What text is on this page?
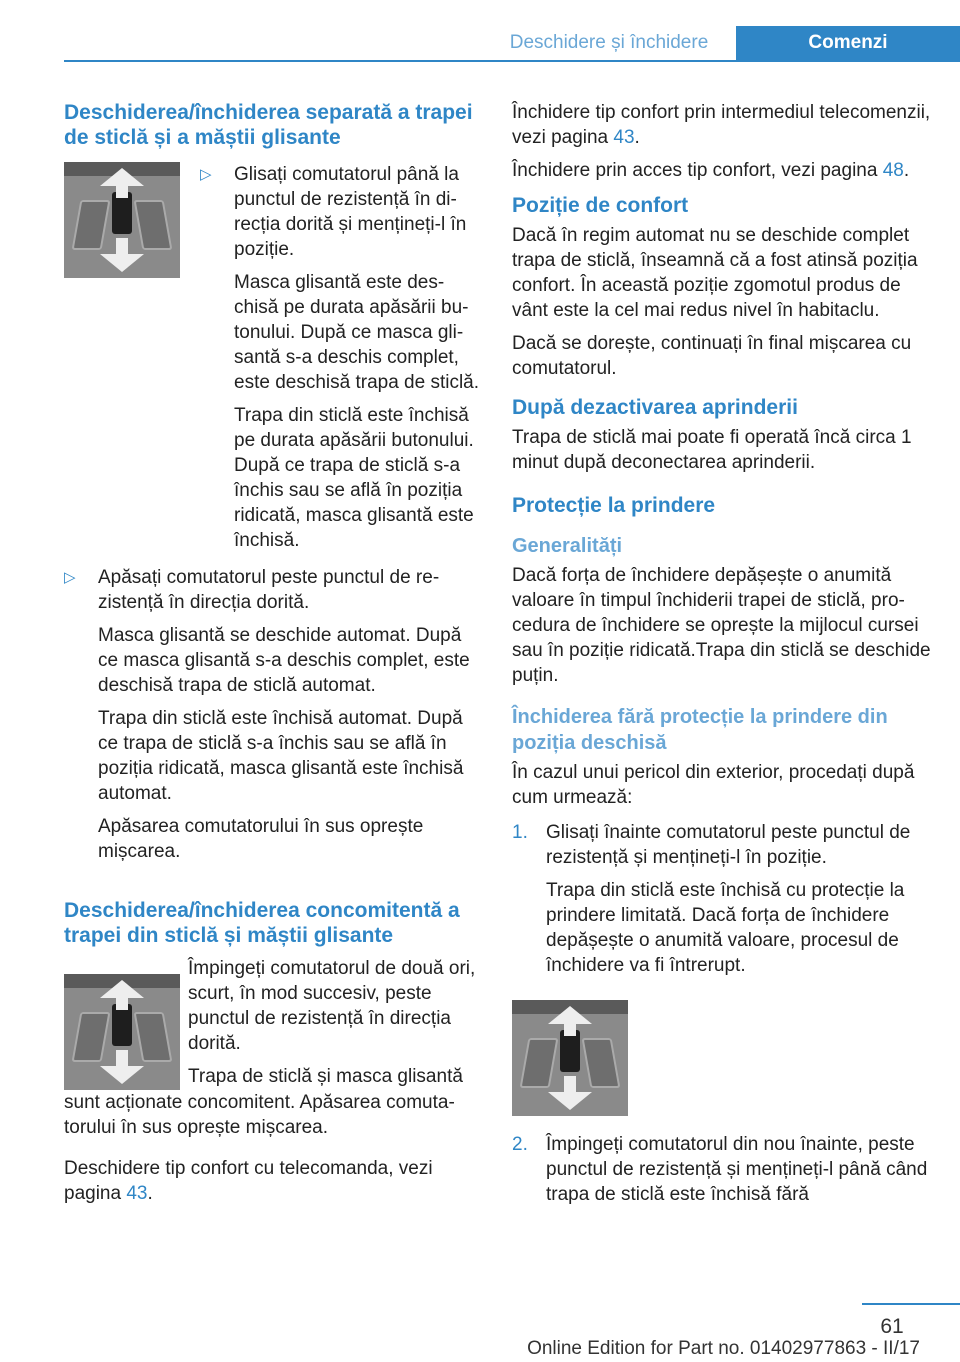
Deschidere și închidere	Comenzi
Deschiderea/închiderea separată a trapei de sticlă și a măștii glisante
▷	Glisați comutatorul până la punctul de rezistență în direcția dorită și mențineți-l în poziție.

Masca glisantă este deschisă pe durata apăsării butonului. După ce masca glisantă s-a deschis complet, este deschisă trapa de sticlă.

Trapa din sticlă este închisă pe durata apăsării butonului. După ce trapa de sticlă s-a închis sau se află în poziția ridicată, masca glisantă este închisă.

▷	Apăsați comutatorul peste punctul de rezistență în direcția dorită.

Masca glisantă se deschide automat. După ce masca glisantă s-a deschis complet, este deschisă trapa de sticlă automat.

Trapa din sticlă este închisă automat. După ce trapa de sticlă s-a închis sau se află în poziția ridicată, masca glisantă este închisă automat.

Apăsarea comutatorului în sus oprește mișcarea.

Deschiderea/închiderea concomitentă a trapei din sticlă și măștii glisante

Împingeți comutatorul de două ori, scurt, în mod succesiv, peste punctul de rezistență în direcția dorită.

Trapa de sticlă și masca glisantă

sunt acționate concomitent. Apăsarea comutatorului în sus oprește mișcarea.

Deschidere tip confort cu telecomanda, vezi pagina 43.

Închidere tip confort prin intermediul telecomenzii, vezi pagina 43.

Închidere prin acces tip confort, vezi pagina 48.

Poziție de confort

Dacă în regim automat nu se deschide complet trapa de sticlă, înseamnă că a fost atinsă poziția confort. În această poziție zgomotul produs de vânt este la cel mai redus nivel în habitaclu.

Dacă se dorește, continuați în final mișcarea cu comutatorul.

După dezactivarea aprinderii

Trapa de sticlă mai poate fi operată încă circa 1 minut după deconectarea aprinderii.

Protecție la prindere
Generalități

Dacă forța de închidere depășește o anumită valoare în timpul închiderii trapei de sticlă, procedura de închidere se oprește la mijlocul cursei sau în poziție ridicată.Trapa din sticlă se deschide puțin.

Închiderea fără protecție la prindere din poziția deschisă

În cazul unui pericol din exterior, procedați după cum urmează:

1. Glisați înainte comutatorul peste punctul de rezistență și mențineți-l în poziție.

Trapa din sticlă este închisă cu protecție la prindere limitată. Dacă forța de închidere depășește o anumită valoare, procesul de închidere va fi întrerupt.

2. Împingeți comutatorul din nou înainte, peste punctul de rezistență și mențineți-l până când trapa de sticlă este închisă fără

61
Online Edition for Part no. 01402977863 - II/17
